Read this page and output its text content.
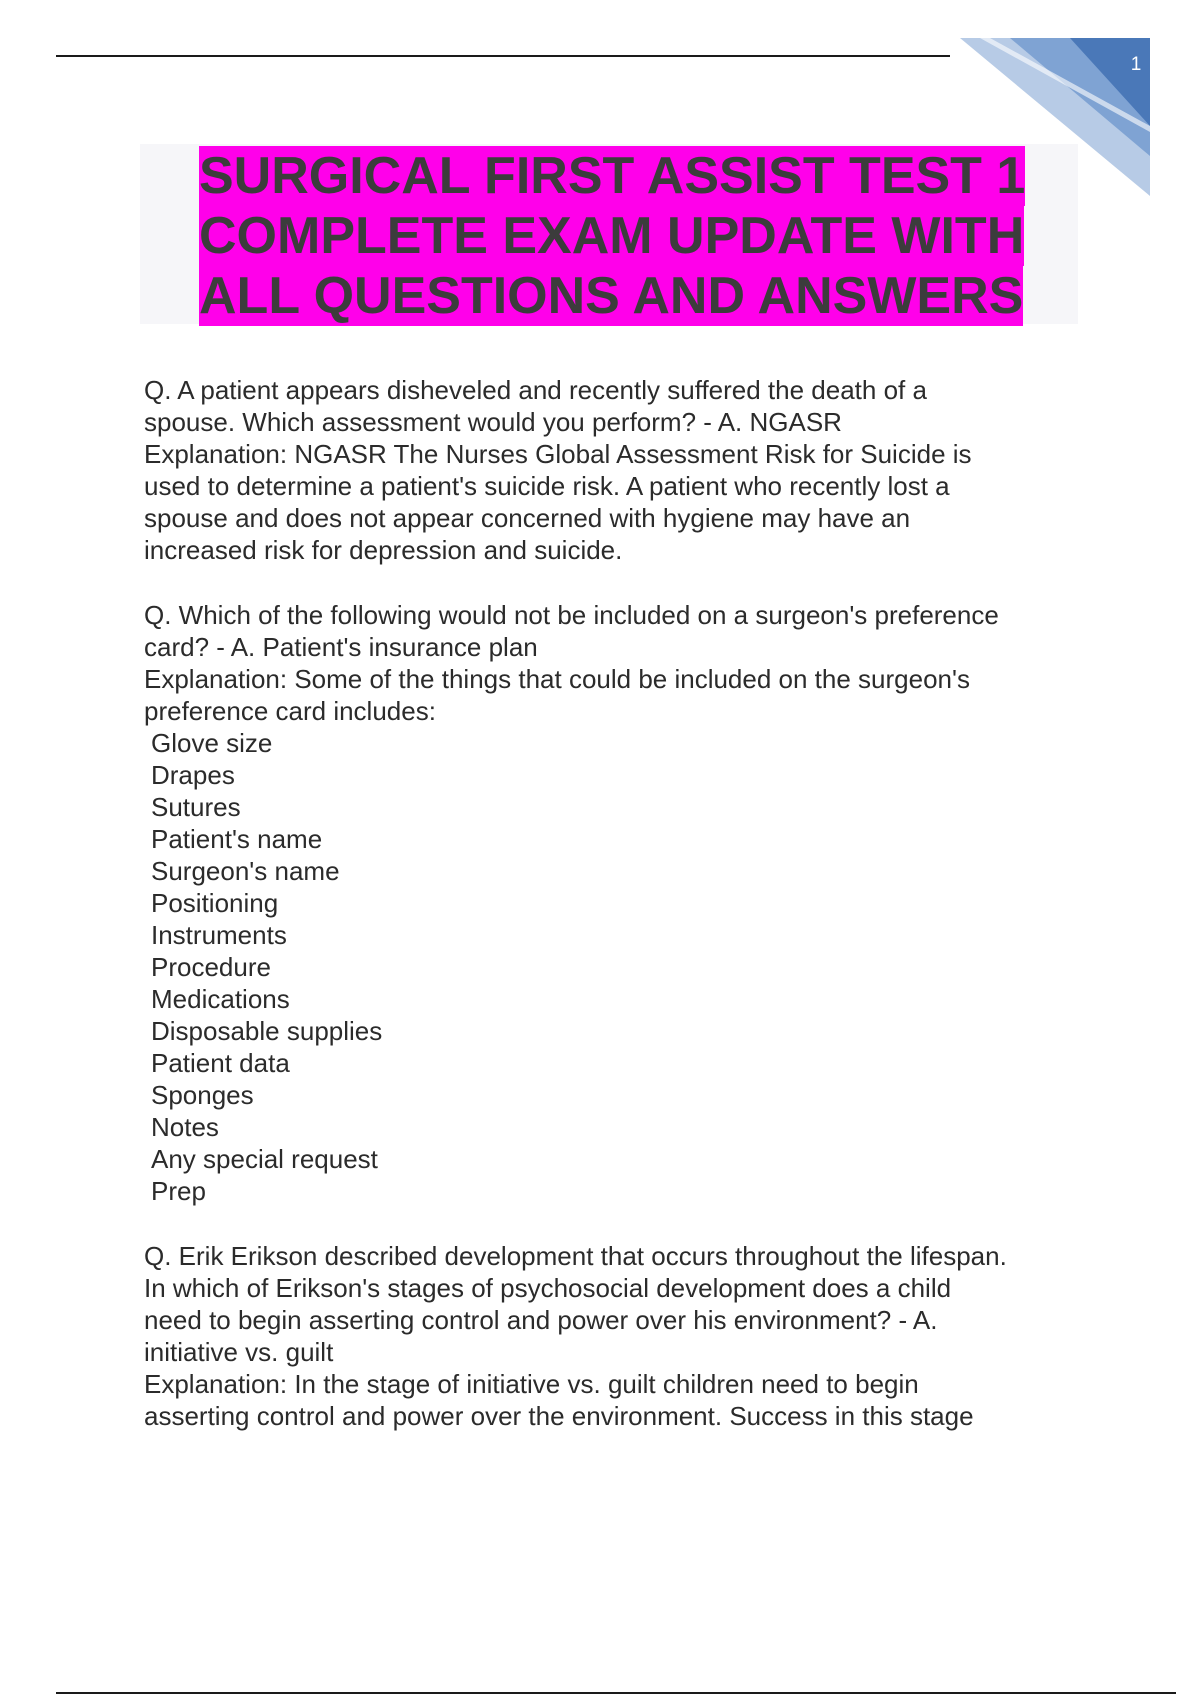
1
SURGICAL FIRST ASSIST TEST 1
COMPLETE EXAM UPDATE WITH
ALL QUESTIONS AND ANSWERS
Q. A patient appears disheveled and recently suffered the death of a
spouse. Which assessment would you perform? - A. NGASR
Explanation: NGASR The Nurses Global Assessment Risk for Suicide is
used to determine a patient's suicide risk. A patient who recently lost a
spouse and does not appear concerned with hygiene may have an
increased risk for depression and suicide.
Q. Which of the following would not be included on a surgeon's preference
card? - A. Patient's insurance plan
Explanation: Some of the things that could be included on the surgeon's
preference card includes:
Glove size
Drapes
Sutures
Patient's name
Surgeon's name
Positioning
Instruments
Procedure
Medications
Disposable supplies
Patient data
Sponges
Notes
Any special request
Prep
Q. Erik Erikson described development that occurs throughout the lifespan.
In which of Erikson's stages of psychosocial development does a child
need to begin asserting control and power over his environment? - A.
initiative vs. guilt
Explanation: In the stage of initiative vs. guilt children need to begin
asserting control and power over the environment. Success in this stage
